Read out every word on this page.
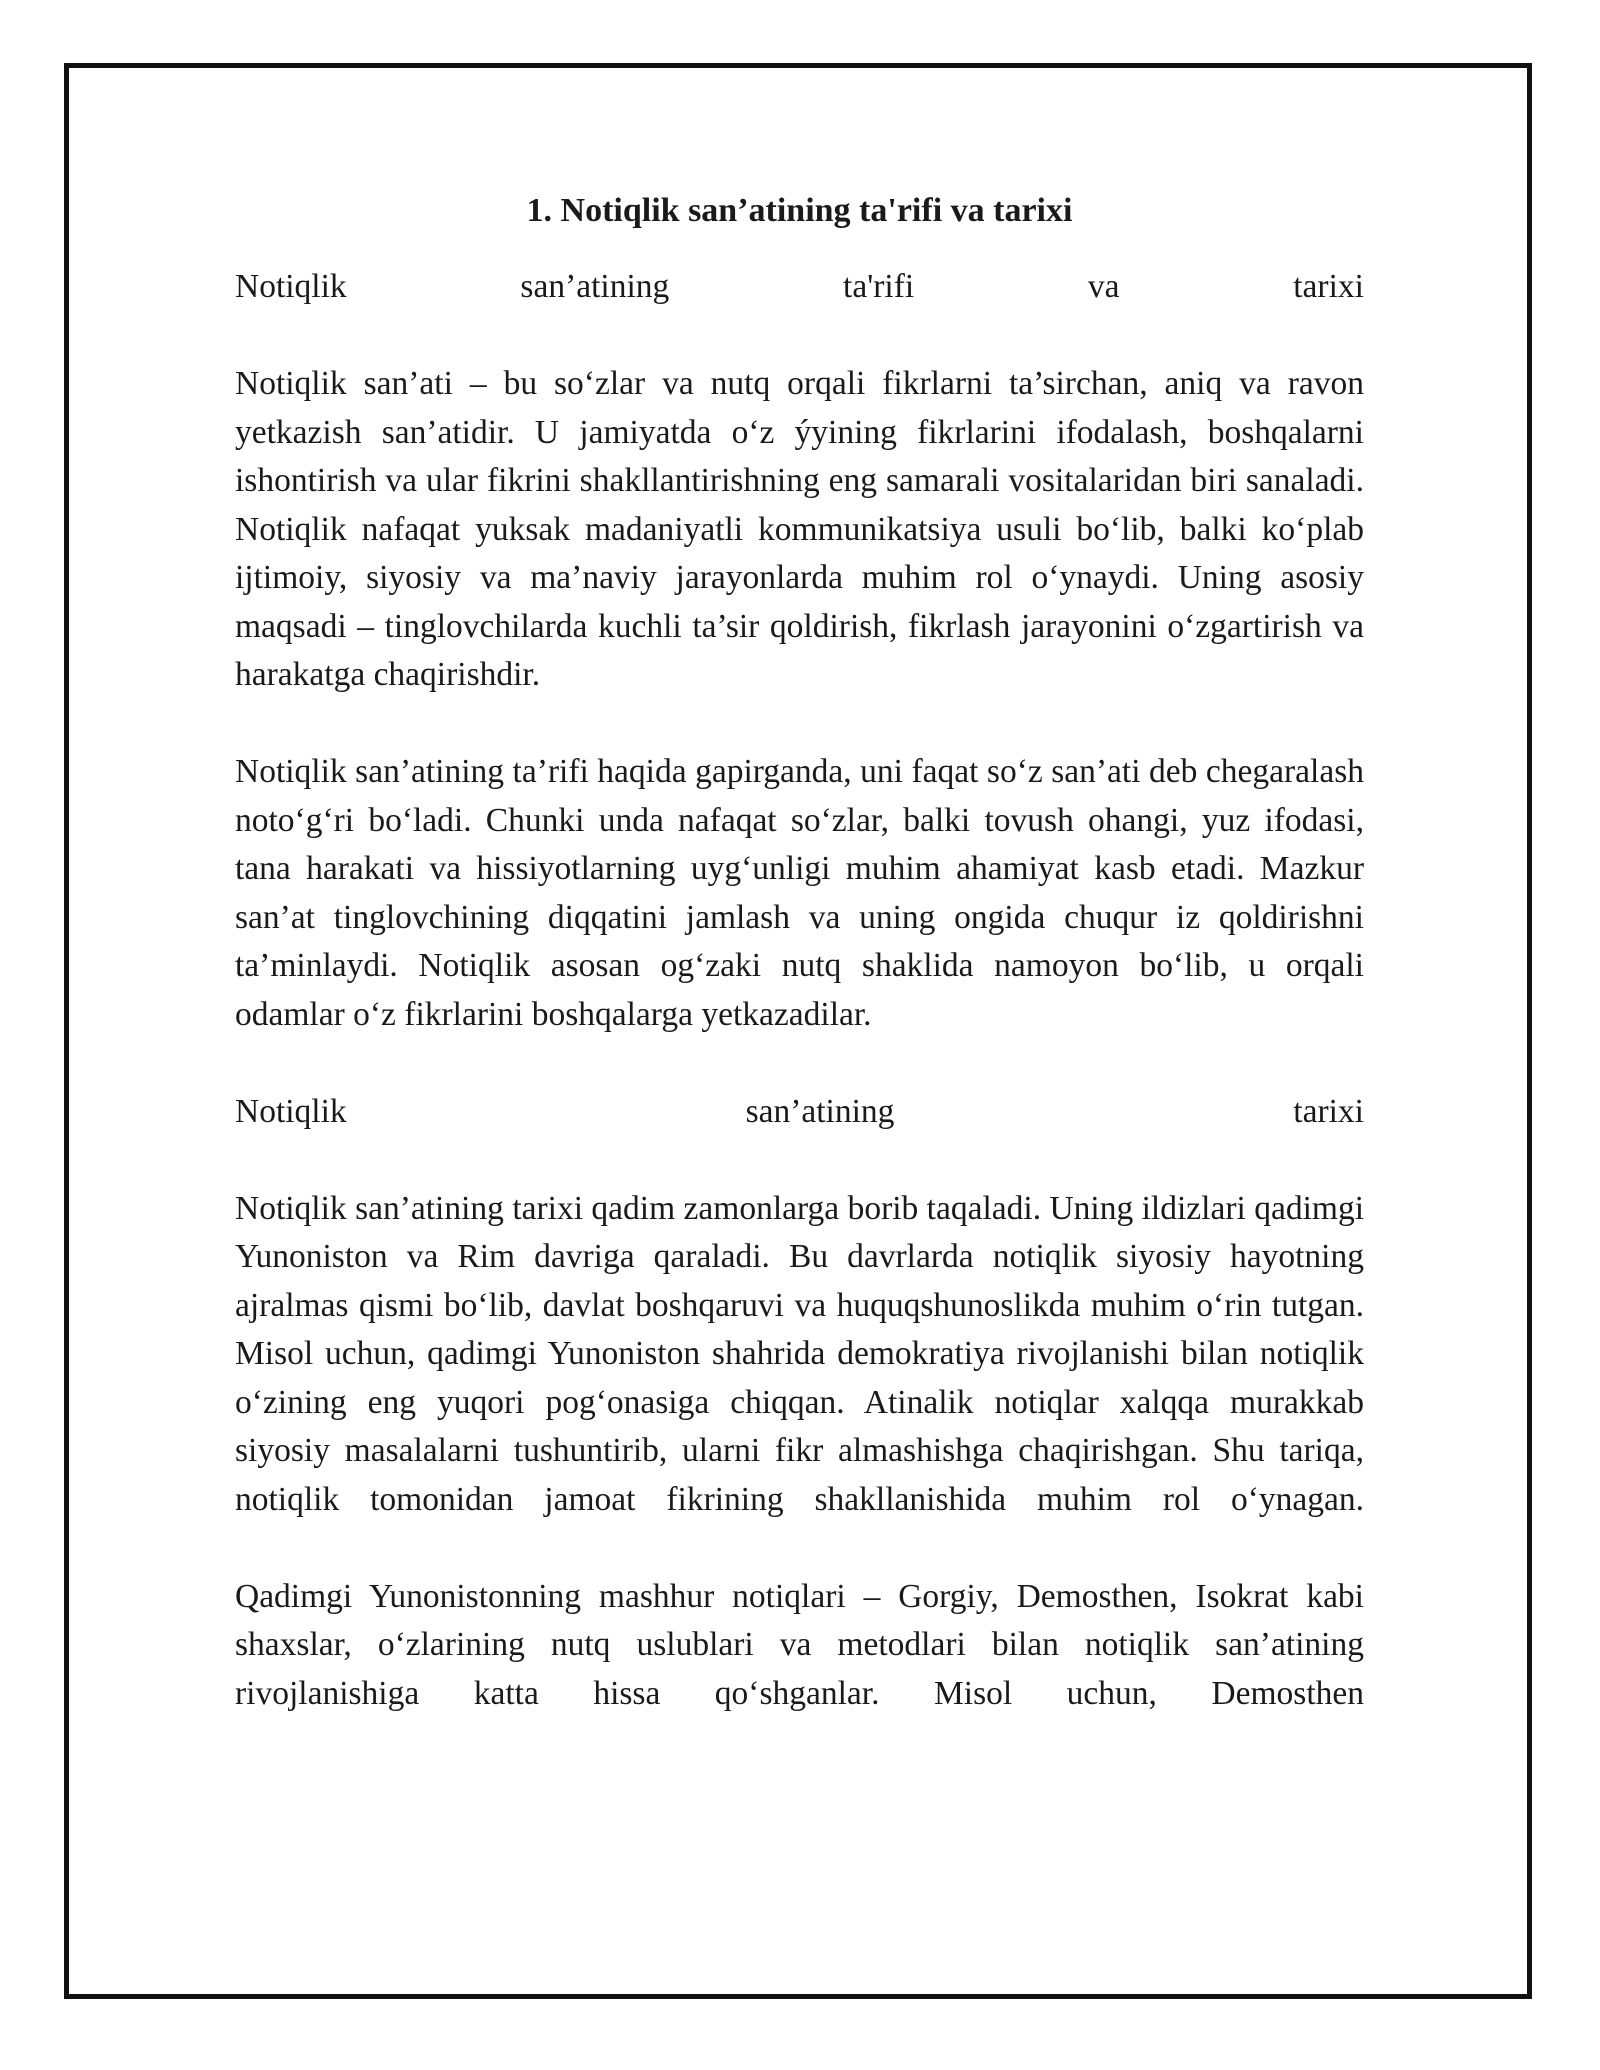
1. Notiqlik san’atining ta'rifi va tarixi
Notiqlik	san’atining	ta'rifi	va	tarixi

Notiqlik san’ati – bu so‘zlar va nutq orqali fikrlarni ta’sirchan, aniq va ravon yetkazish san’atidir. U jamiyatda o‘z ýyining fikrlarini ifodalash, boshqalarni ishontirish va ular fikrini shakllantirishning eng samarali vositalaridan biri sanaladi. Notiqlik nafaqat yuksak madaniyatli kommunikatsiya usuli bo‘lib, balki ko‘plab ijtimoiy, siyosiy va ma’naviy jarayonlarda muhim rol o‘ynaydi. Uning asosiy maqsadi – tinglovchilarda kuchli ta’sir qoldirish, fikrlash jarayonini o‘zgartirish va harakatga chaqirishdir.

Notiqlik san’atining ta’rifi haqida gapirganda, uni faqat so‘z san’ati deb chegaralash noto‘g‘ri bo‘ladi. Chunki unda nafaqat so‘zlar, balki tovush ohangi, yuz ifodasi, tana harakati va hissiyotlarning uyg‘unligi muhim ahamiyat kasb etadi. Mazkur san’at tinglovchining diqqatini jamlash va uning ongida chuqur iz qoldirishni ta’minlaydi. Notiqlik asosan og‘zaki nutq shaklida namoyon bo‘lib, u orqali odamlar o‘z fikrlarini boshqalarga yetkazadilar.

Notiqlik	san’atining	tarixi

Notiqlik san’atining tarixi qadim zamonlarga borib taqaladi. Uning ildizlari qadimgi Yunoniston va Rim davriga qaraladi. Bu davrlarda notiqlik siyosiy hayotning ajralmas qismi bo‘lib, davlat boshqaruvi va huquqshunoslikda muhim o‘rin tutgan. Misol uchun, qadimgi Yunoniston shahrida demokratiya rivojlanishi bilan notiqlik o‘zining eng yuqori pog‘onasiga chiqqan. Atinalik notiqlar xalqqa murakkab siyosiy masalalarni tushuntirib, ularni fikr almashishga chaqirishgan. Shu tariqa, notiqlik tomonidan jamoat fikrining shakllanishida muhim rol o‘ynagan.

Qadimgi Yunonistonning mashhur notiqlari – Gorgiy, Demosthen, Isokrat kabi shaxslar, o‘zlarining nutq uslublari va metodlari bilan notiqlik san’atining rivojlanishiga katta hissa qo‘shganlar. Misol uchun, Demosthen
